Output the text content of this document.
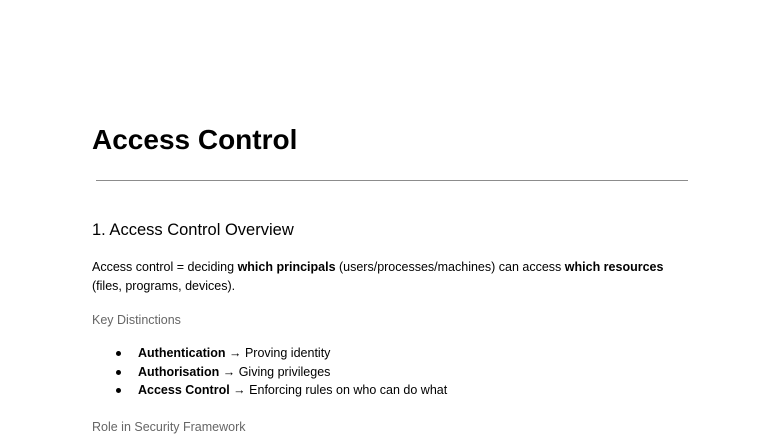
Access Control
1. Access Control Overview

Access control = deciding which principals (users/processes/machines) can access which resources (files, programs, devices).

Key Distinctions

Authentication → Proving identity
Authorisation → Giving privileges
Access Control → Enforcing rules on who can do what

Role in Security Framework
